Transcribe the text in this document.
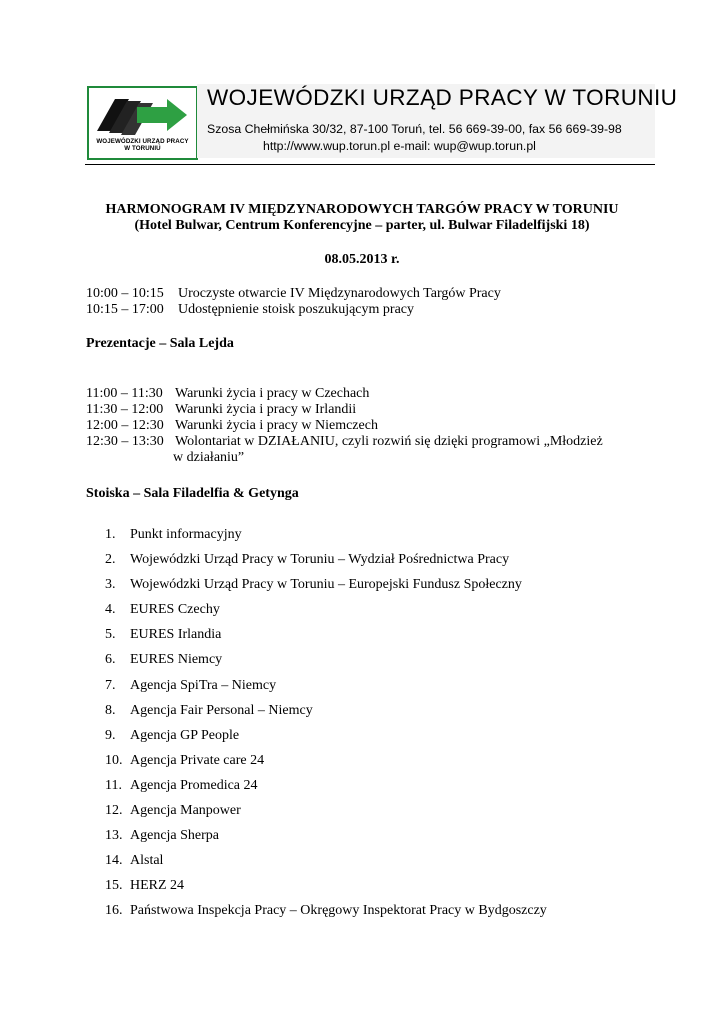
WOJEWÓDZKI URZĄD PRACY
W TORUNIU
WOJEWÓDZKI URZĄD PRACY W TORUNIU
Szosa Chełmińska 30/32, 87-100 Toruń, tel. 56 669-39-00, fax 56 669-39-98
http://www.wup.torun.pl e-mail: wup@wup.torun.pl
HARMONOGRAM IV MIĘDZYNARODOWYCH TARGÓW PRACY W TORUNIU
(Hotel Bulwar, Centrum Konferencyjne – parter, ul. Bulwar Filadelfijski 18)
08.05.2013 r.
10:00 – 10:15 Uroczyste otwarcie IV Międzynarodowych Targów Pracy
10:15 – 17:00 Udostępnienie stoisk poszukującym pracy
Prezentacje – Sala Lejda
11:00 – 11:30 Warunki życia i pracy w Czechach
11:30 – 12:00 Warunki życia i pracy w Irlandii
12:00 – 12:30 Warunki życia i pracy w Niemczech
12:30 – 13:30 Wolontariat w DZIAŁANIU, czyli rozwiń się dzięki programowi „Młodzież
w działaniu”
Stoiska – Sala Filadelfia & Getynga
1. Punkt informacyjny
2. Wojewódzki Urząd Pracy w Toruniu – Wydział Pośrednictwa Pracy
3. Wojewódzki Urząd Pracy w Toruniu – Europejski Fundusz Społeczny
4. EURES Czechy
5. EURES Irlandia
6. EURES Niemcy
7. Agencja SpiTra – Niemcy
8. Agencja Fair Personal – Niemcy
9. Agencja GP People
10. Agencja Private care 24
11. Agencja Promedica 24
12. Agencja Manpower
13. Agencja Sherpa
14. Alstal
15. HERZ 24
16. Państwowa Inspekcja Pracy – Okręgowy Inspektorat Pracy w Bydgoszczy
